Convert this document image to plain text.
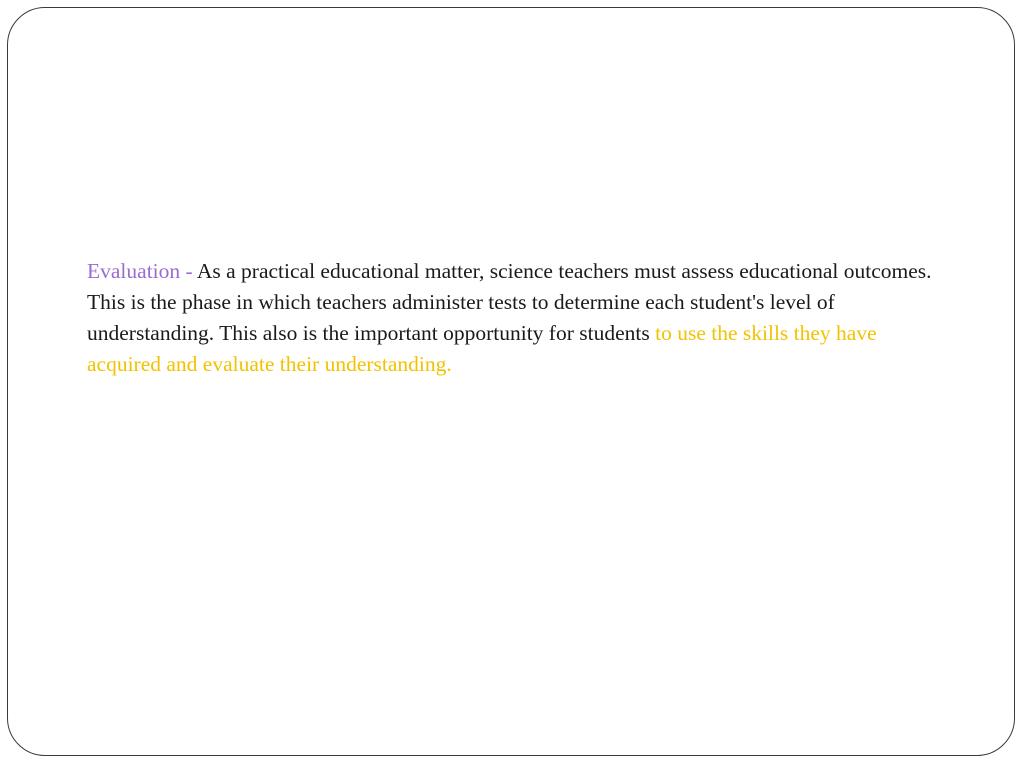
Evaluation - As a practical educational matter, science teachers must assess educational outcomes. This is the phase in which teachers administer tests to determine each student's level of understanding. This also is the important opportunity for students to use the skills they have acquired and evaluate their understanding.
